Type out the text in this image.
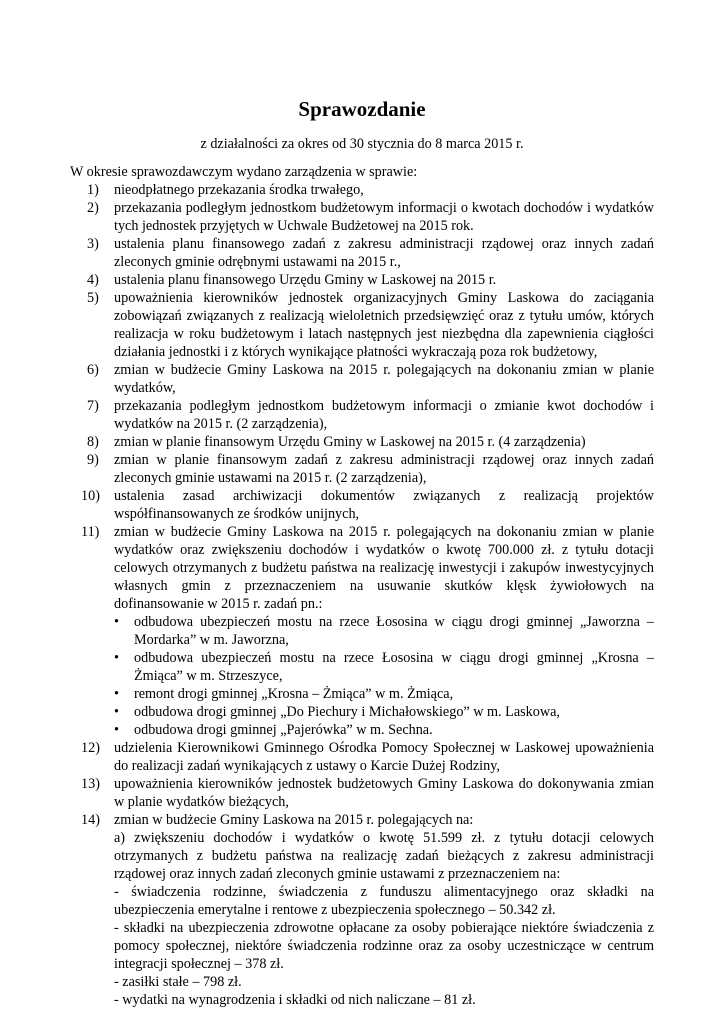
Sprawozdanie
z działalności za okres od 30 stycznia do 8 marca 2015 r.
W okresie sprawozdawczym wydano zarządzenia w sprawie:
1) nieodpłatnego przekazania środka trwałego,
2) przekazania podległym jednostkom budżetowym informacji o kwotach dochodów i wydatków tych jednostek przyjętych w Uchwale Budżetowej na 2015 rok.
3) ustalenia planu finansowego zadań z zakresu administracji rządowej oraz innych zadań zleconych gminie odrębnymi ustawami na 2015 r.,
4) ustalenia planu finansowego Urzędu Gminy w Laskowej na 2015 r.
5) upoważnienia kierowników jednostek organizacyjnych Gminy Laskowa do zaciągania zobowiązań związanych z realizacją wieloletnich przedsięwzięć oraz z tytułu umów, których realizacja w roku budżetowym i latach następnych jest niezbędna dla zapewnienia ciągłości działania jednostki i z których wynikające płatności wykraczają poza rok budżetowy,
6) zmian w budżecie Gminy Laskowa na 2015 r. polegających na dokonaniu zmian w planie wydatków,
7) przekazania podległym jednostkom budżetowym informacji o zmianie kwot dochodów i wydatków na 2015 r. (2 zarządzenia),
8) zmian w planie finansowym Urzędu Gminy w Laskowej na 2015 r. (4 zarządzenia)
9) zmian w planie finansowym zadań z zakresu administracji rządowej oraz innych zadań zleconych gminie ustawami na 2015 r. (2 zarządzenia),
10) ustalenia zasad archiwizacji dokumentów związanych z realizacją projektów współfinansowanych ze środków unijnych,
11) zmian w budżecie Gminy Laskowa na 2015 r. polegających na dokonaniu zmian w planie wydatków oraz zwiększeniu dochodów i wydatków o kwotę 700.000 zł. z tytułu dotacji celowych otrzymanych z budżetu państwa na realizację inwestycji i zakupów inwestycyjnych własnych gmin z przeznaczeniem na usuwanie skutków klęsk żywiołowych na dofinansowanie w 2015 r. zadań pn.:
• odbudowa ubezpieczeń mostu na rzece Łososina w ciągu drogi gminnej „Jaworzna – Mordarka” w m. Jaworzna,
• odbudowa ubezpieczeń mostu na rzece Łososina w ciągu drogi gminnej „Krosna – Żmiąca” w m. Strzeszyce,
• remont drogi gminnej „Krosna – Żmiąca” w m. Żmiąca,
• odbudowa drogi gminnej „Do Piechury i Michałowskiego” w m. Laskowa,
• odbudowa drogi gminnej „Pajerówka” w m. Sechna.
12) udzielenia Kierownikowi Gminnego Ośrodka Pomocy Społecznej w Laskowej upoważnienia do realizacji zadań wynikających z ustawy o Karcie Dużej Rodziny,
13) upoważnienia kierowników jednostek budżetowych Gminy Laskowa do dokonywania zmian w planie wydatków bieżących,
14) zmian w budżecie Gminy Laskowa na 2015 r. polegających na:
a) zwiększeniu dochodów i wydatków o kwotę 51.599 zł. z tytułu dotacji celowych otrzymanych z budżetu państwa na realizację zadań bieżących z zakresu administracji rządowej oraz innych zadań zleconych gminie ustawami z przeznaczeniem na:
- świadczenia rodzinne, świadczenia z funduszu alimentacyjnego oraz składki na ubezpieczenia emerytalne i rentowe z ubezpieczenia społecznego – 50.342 zł.
- składki na ubezpieczenia zdrowotne opłacane za osoby pobierające niektóre świadczenia z pomocy społecznej, niektóre świadczenia rodzinne oraz za osoby uczestniczące w centrum integracji społecznej – 378 zł.
- zasiłki stałe – 798 zł.
- wydatki na wynagrodzenia i składki od nich naliczane – 81 zł.
